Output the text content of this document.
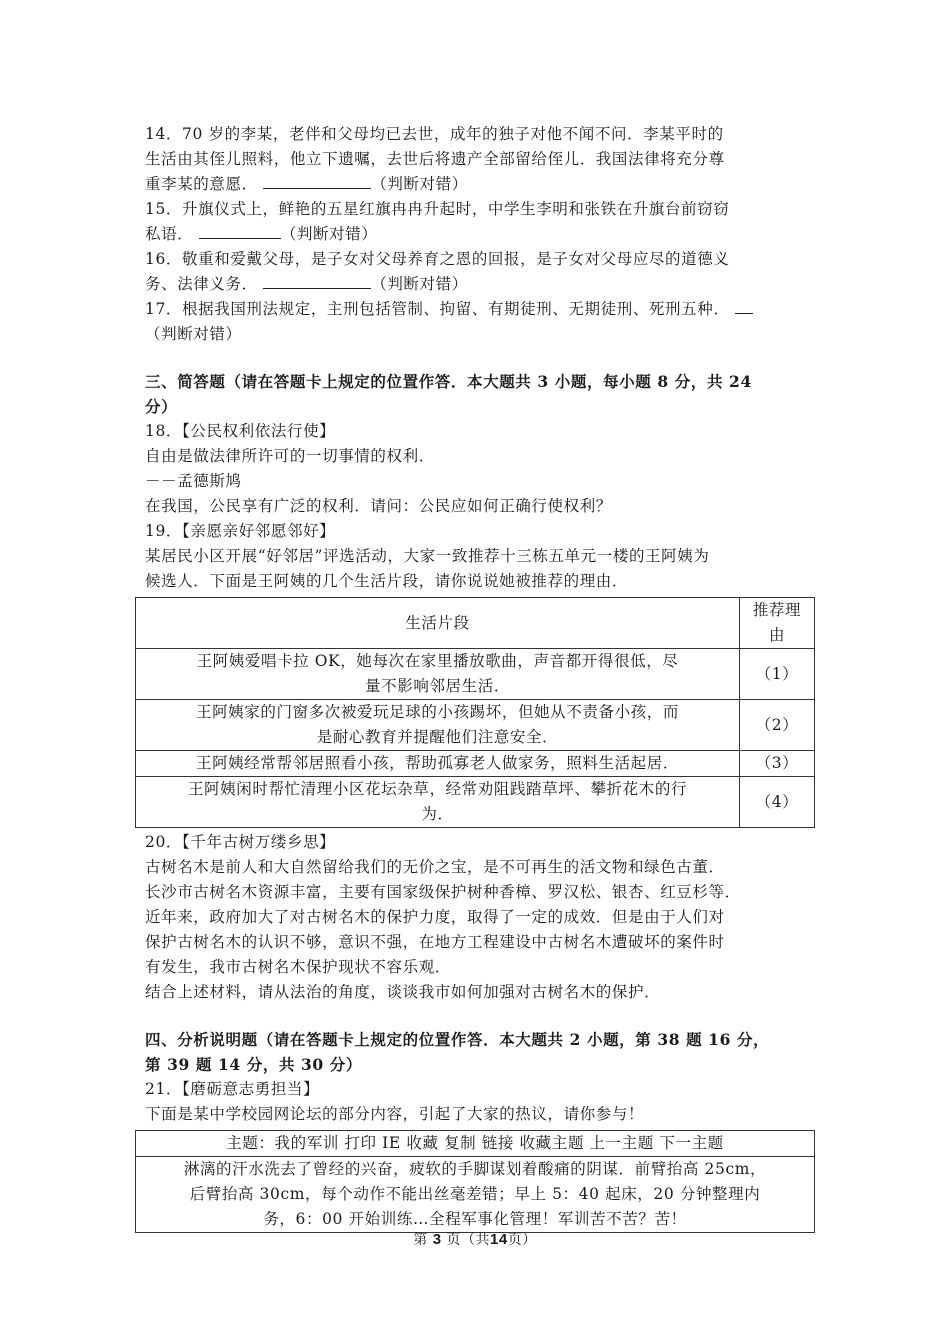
14．70 岁的李某，老伴和父母均已去世，成年的独子对他不闻不问．李某平时的
生活由其侄儿照料，他立下遗嘱，去世后将遗产全部留给侄儿．我国法律将充分尊
重李某的意愿．	（判断对错）
15．升旗仪式上，鲜艳的五星红旗冉冉升起时，中学生李明和张铁在升旗台前窃窃
私语．	（判断对错）
16．敬重和爱戴父母，是子女对父母养育之恩的回报，是子女对父母应尽的道德义
务、法律义务．	（判断对错）
17．根据我国刑法规定，主刑包括管制、拘留、有期徒刑、无期徒刑、死刑五种．
（判断对错）
三、简答题（请在答题卡上规定的位置作答．本大题共 3 小题，每小题 8 分，共 24
分）
18．【公民权利依法行使】
自由是做法律所许可的一切事情的权利．
－－孟德斯鸠
在我国，公民享有广泛的权利．请问：公民应如何正确行使权利？
19．【亲愿亲好邻愿邻好】
某居民小区开展“好邻居”评选活动，大家一致推荐十三栋五单元一楼的王阿姨为
候选人．下面是王阿姨的几个生活片段，请你说说她被推荐的理由．
生活片段	推荐理由

王阿姨爱唱卡拉 OK，她每次在家里播放歌曲，声音都开得很低，尽
量不影响邻居生活．	（1）

王阿姨家的门窗多次被爱玩足球的小孩踢坏，但她从不责备小孩，而
是耐心教育并提醒他们注意安全．	（2）

王阿姨经常帮邻居照看小孩，帮助孤寡老人做家务，照料生活起居．	（3）

王阿姨闲时帮忙清理小区花坛杂草，经常劝阻践踏草坪、攀折花木的行
为．	（4）
20．【千年古树万缕乡思】
古树名木是前人和大自然留给我们的无价之宝，是不可再生的活文物和绿色古董．
长沙市古树名木资源丰富，主要有国家级保护树种香樟、罗汉松、银杏、红豆杉等．
近年来，政府加大了对古树名木的保护力度，取得了一定的成效．但是由于人们对
保护古树名木的认识不够，意识不强，在地方工程建设中古树名木遭破坏的案件时
有发生，我市古树名木保护现状不容乐观．
结合上述材料，请从法治的角度，谈谈我市如何加强对古树名木的保护．
四、分析说明题（请在答题卡上规定的位置作答．本大题共 2 小题，第 38 题 16 分，
第 39 题 14 分，共 30 分）
21．【磨砺意志勇担当】
下面是某中学校园网论坛的部分内容，引起了大家的热议，请你参与！
主题：我的军训 打印 IE 收藏 复制 链接 收藏主题 上一主题 下一主题
淋漓的汗水洗去了曾经的兴奋，疲软的手脚谋划着酸痛的阴谋．前臂抬高 25cm，
后臂抬高 30cm，每个动作不能出丝毫差错；早上 5：40 起床，20 分钟整理内
务，6：00 开始训练…全程军事化管理！军训苦不苦？苦！
第 3 页（共14页）
